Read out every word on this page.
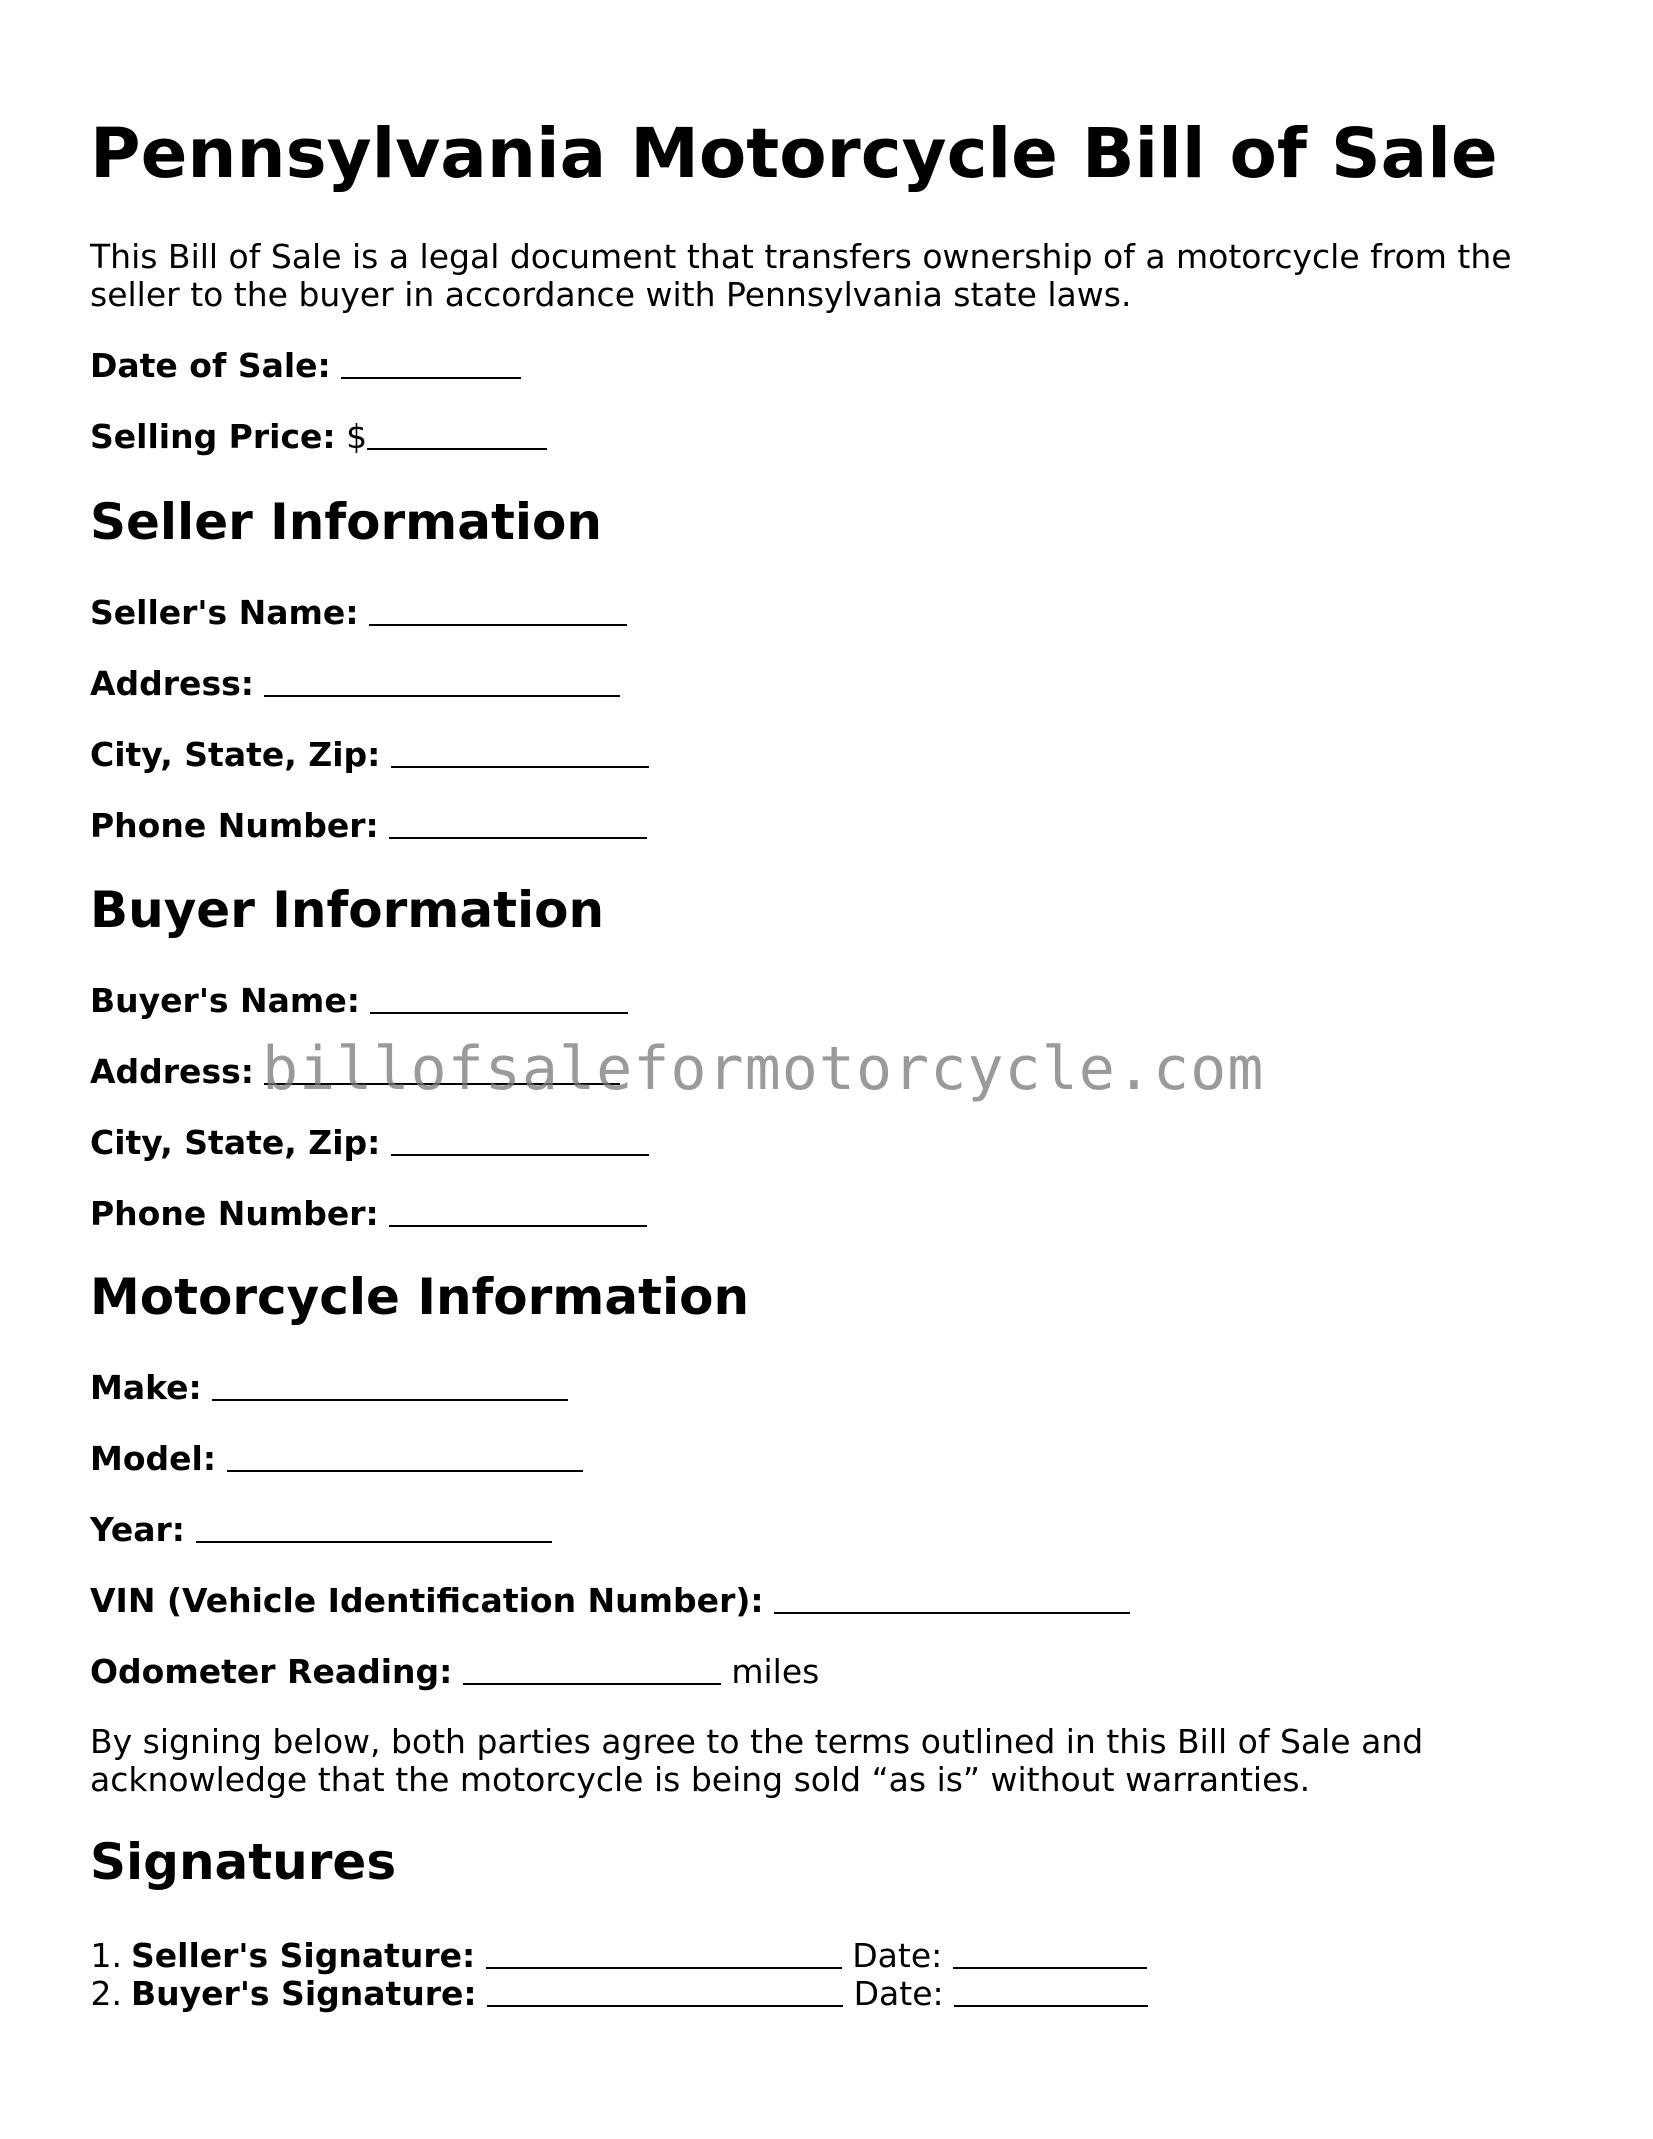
Pennsylvania Motorcycle Bill of Sale

This Bill of Sale is a legal document that transfers ownership of a motorcycle from the seller to the buyer in accordance with Pennsylvania state laws.

Date of Sale:

Selling Price: $

Seller Information

Seller's Name:

Address:

City, State, Zip:

Phone Number:

Buyer Information

Buyer's Name:

Address:

City, State, Zip:

Phone Number:

Motorcycle Information

Make:

Model:

Year:

VIN (Vehicle Identification Number):

Odometer Reading:	miles

By signing below, both parties agree to the terms outlined in this Bill of Sale and acknowledge that the motorcycle is being sold “as is” without warranties.

Signatures
1. Seller's Signature:	Date:
2. Buyer's Signature:	Date:
billofsaleformotorcycle.com
